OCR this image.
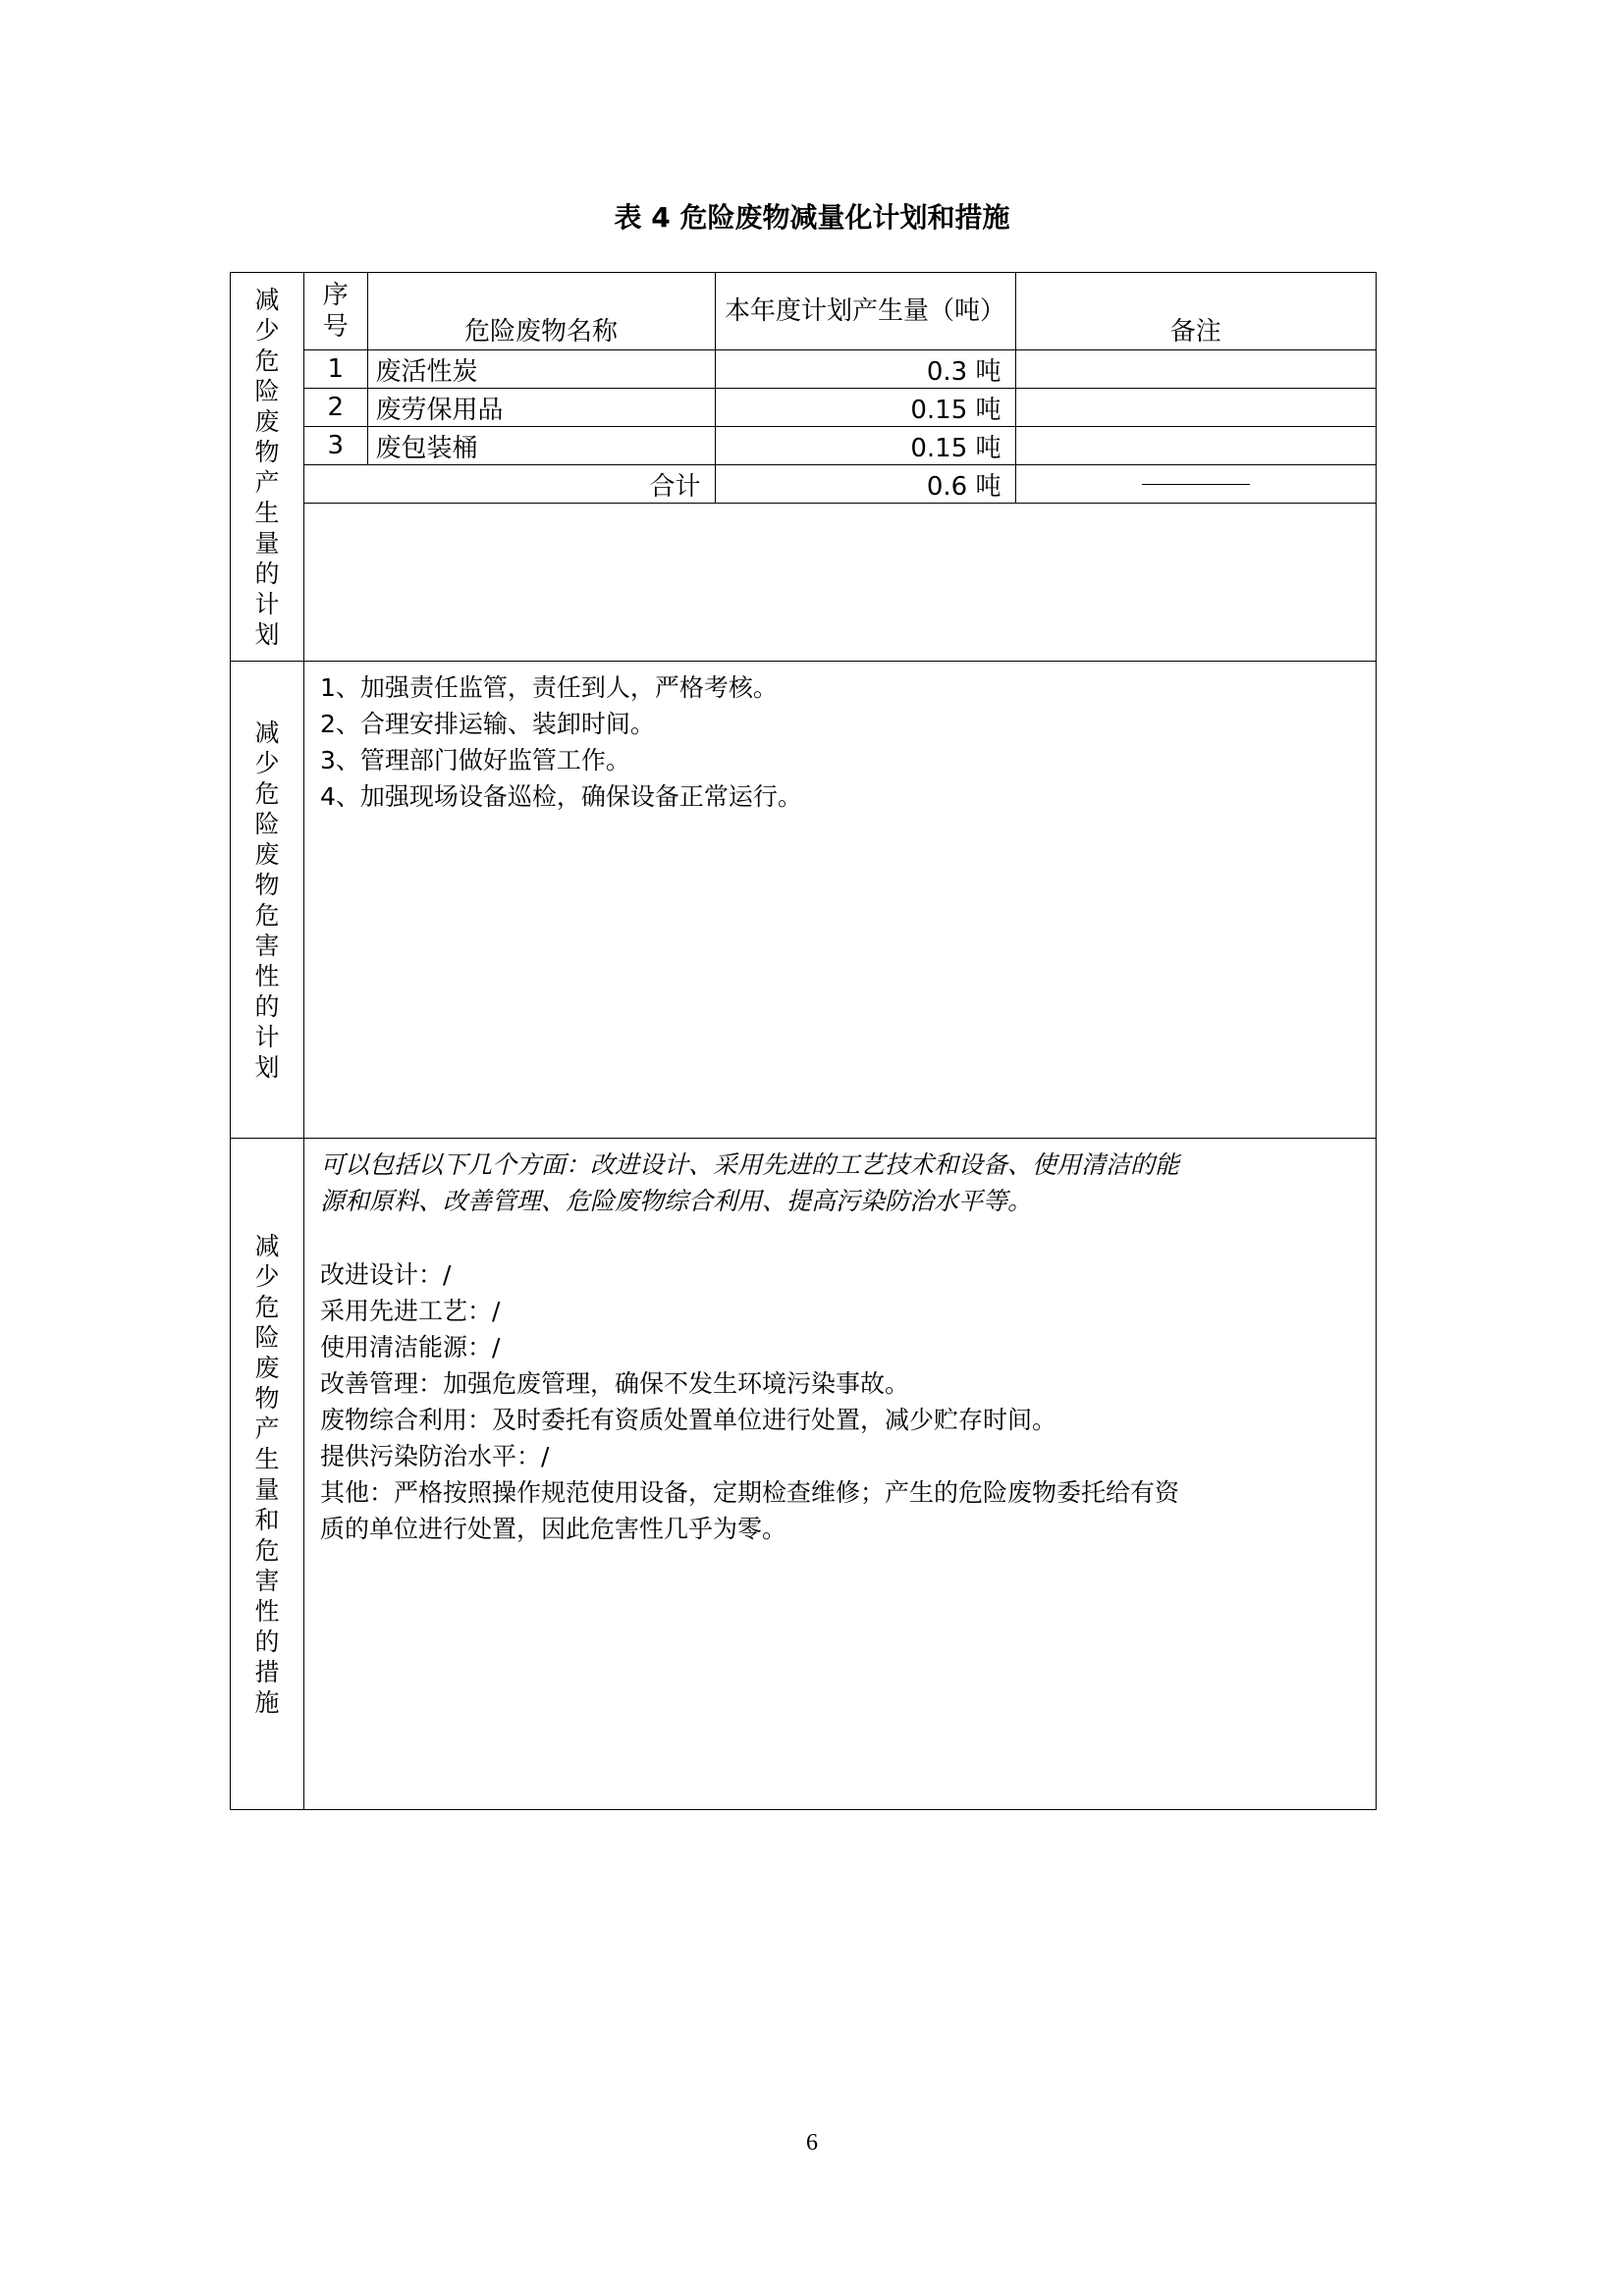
表 4 危险废物减量化计划和措施
减
少
危
险
废
物
产
生
量
的
计
划

序号	危险废物名称	本年度计划产生量（吨）	备注
1	废活性炭	0.3 吨	
2	废劳保用品	0.15 吨	
3	废包装桶	0.15 吨	
合计	0.6 吨	

减
少
危
险
废
物
危
害
性
的
计
划

1、加强责任监管，责任到人，严格考核。
2、合理安排运输、装卸时间。
3、管理部门做好监管工作。
4、加强现场设备巡检，确保设备正常运行。

减
少
危
险
废
物
产
生
量
和
危
害
性
的
措
施

可以包括以下几个方面：改进设计、采用先进的工艺技术和设备、使用清洁的能
源和原料、改善管理、危险废物综合利用、提高污染防治水平等。
改进设计：/
采用先进工艺：/
使用清洁能源：/
改善管理：加强危废管理，确保不发生环境污染事故。
废物综合利用：及时委托有资质处置单位进行处置，减少贮存时间。
提供污染防治水平：/
其他：严格按照操作规范使用设备，定期检查维修；产生的危险废物委托给有资
质的单位进行处置，因此危害性几乎为零。
6
